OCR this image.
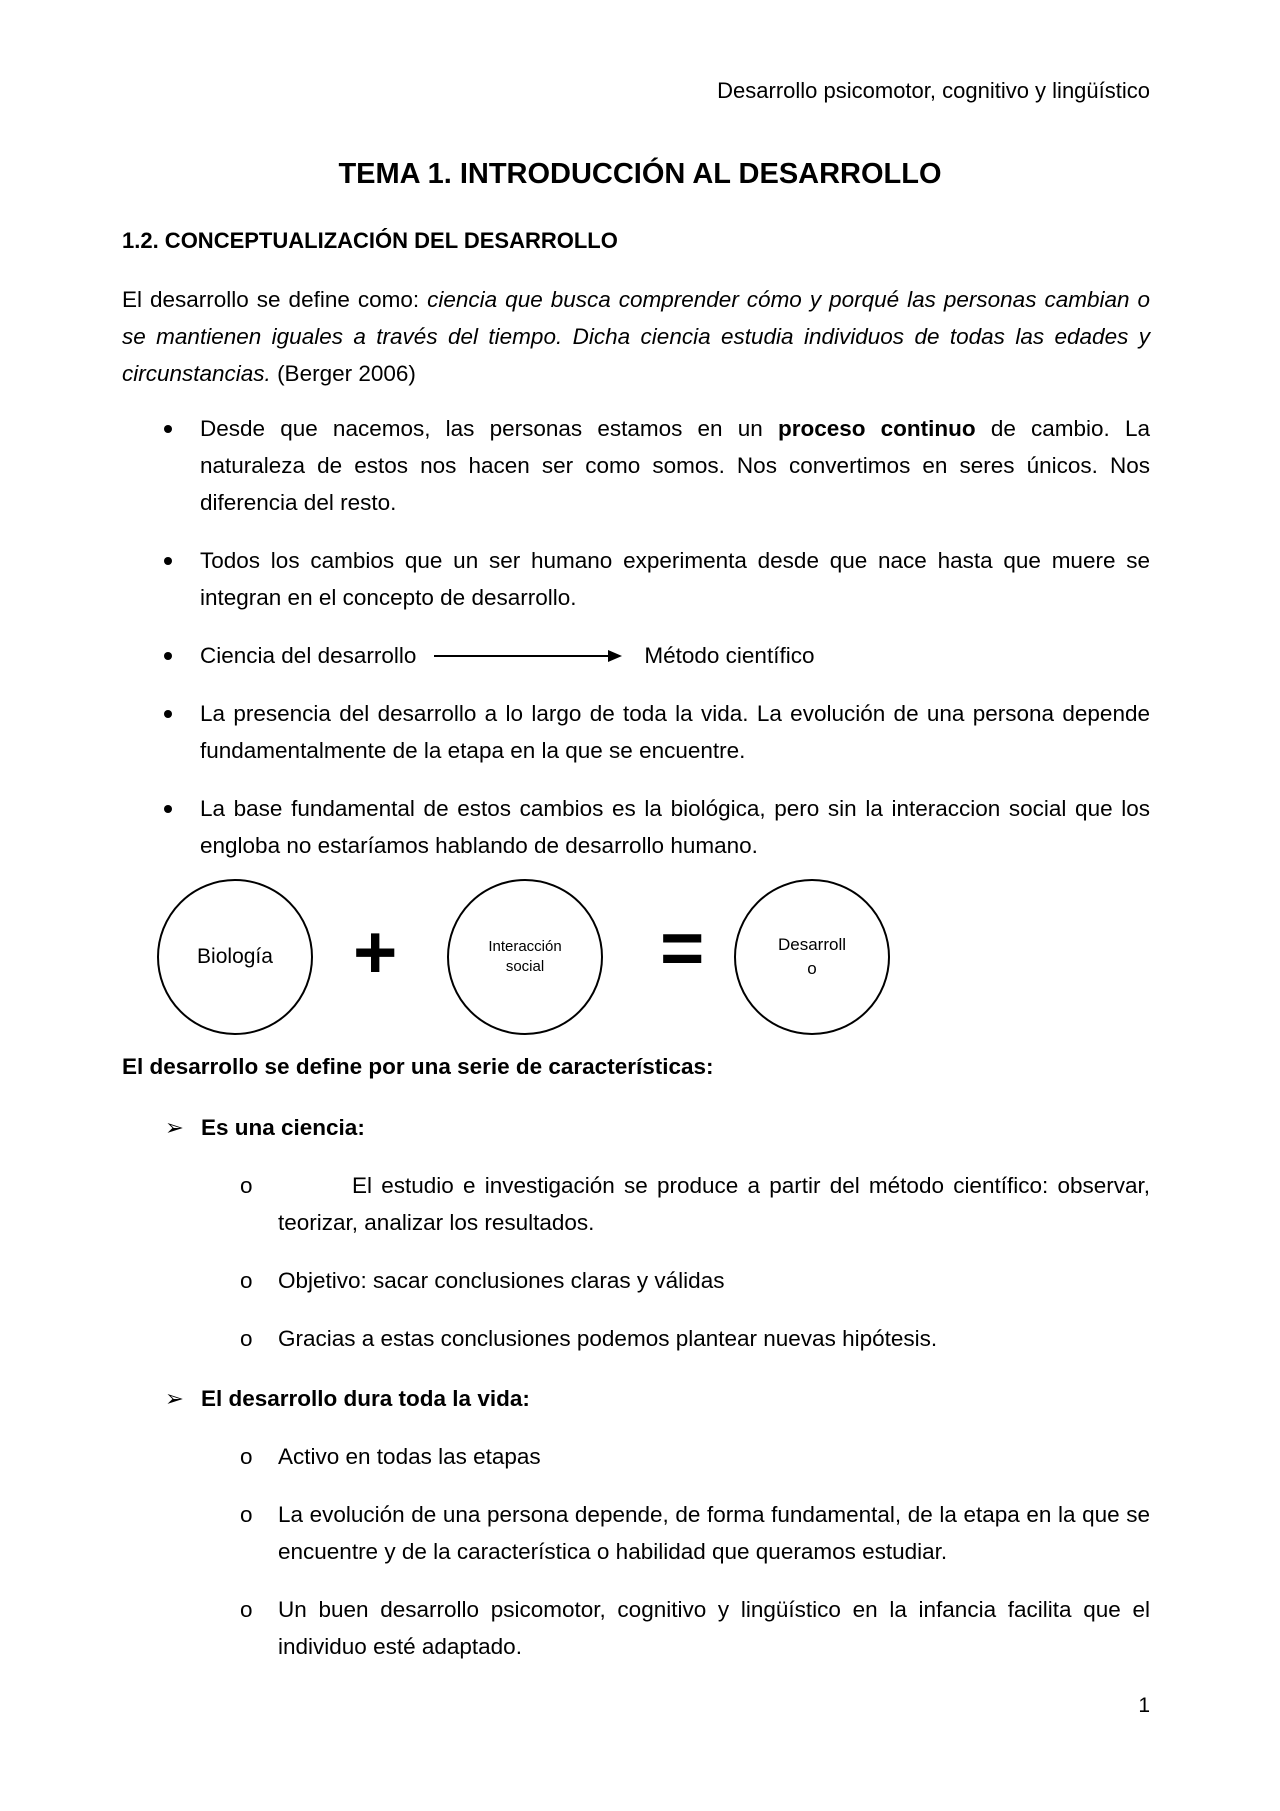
Desarrollo psicomotor, cognitivo y lingüístico
TEMA 1. INTRODUCCIÓN AL DESARROLLO
1.2. CONCEPTUALIZACIÓN DEL DESARROLLO

El desarrollo se define como: ciencia que busca comprender cómo y porqué las personas cambian o se mantienen iguales a través del tiempo. Dicha ciencia estudia individuos de todas las edades y circunstancias. (Berger 2006)

Desde que nacemos, las personas estamos en un proceso continuo de cambio. La naturaleza de estos nos hacen ser como somos. Nos convertimos en seres únicos. Nos diferencia del resto.
Todos los cambios que un ser humano experimenta desde que nace hasta que muere se integran en el concepto de desarrollo.
Ciencia del desarrollo	Método científico
La presencia del desarrollo a lo largo de toda la vida. La evolución de una persona depende fundamentalmente de la etapa en la que se encuentre.
La base fundamental de estos cambios es la biológica, pero sin la interaccion social que los engloba no estaríamos hablando de desarrollo humano.
Biología +	Interacción
social =	Desarroll
o
El desarrollo se define por una serie de características:
➢ Es una ciencia:
o	El estudio e investigación se produce a partir del método científico: observar, teorizar, analizar los resultados.
o Objetivo: sacar conclusiones claras y válidas
o Gracias a estas conclusiones podemos plantear nuevas hipótesis.
➢ El desarrollo dura toda la vida:
o Activo en todas las etapas
o La evolución de una persona depende, de forma fundamental, de la etapa en la que se encuentre y de la característica o habilidad que queramos estudiar.
o Un buen desarrollo psicomotor, cognitivo y lingüístico en la infancia facilita que el individuo esté adaptado.
1
